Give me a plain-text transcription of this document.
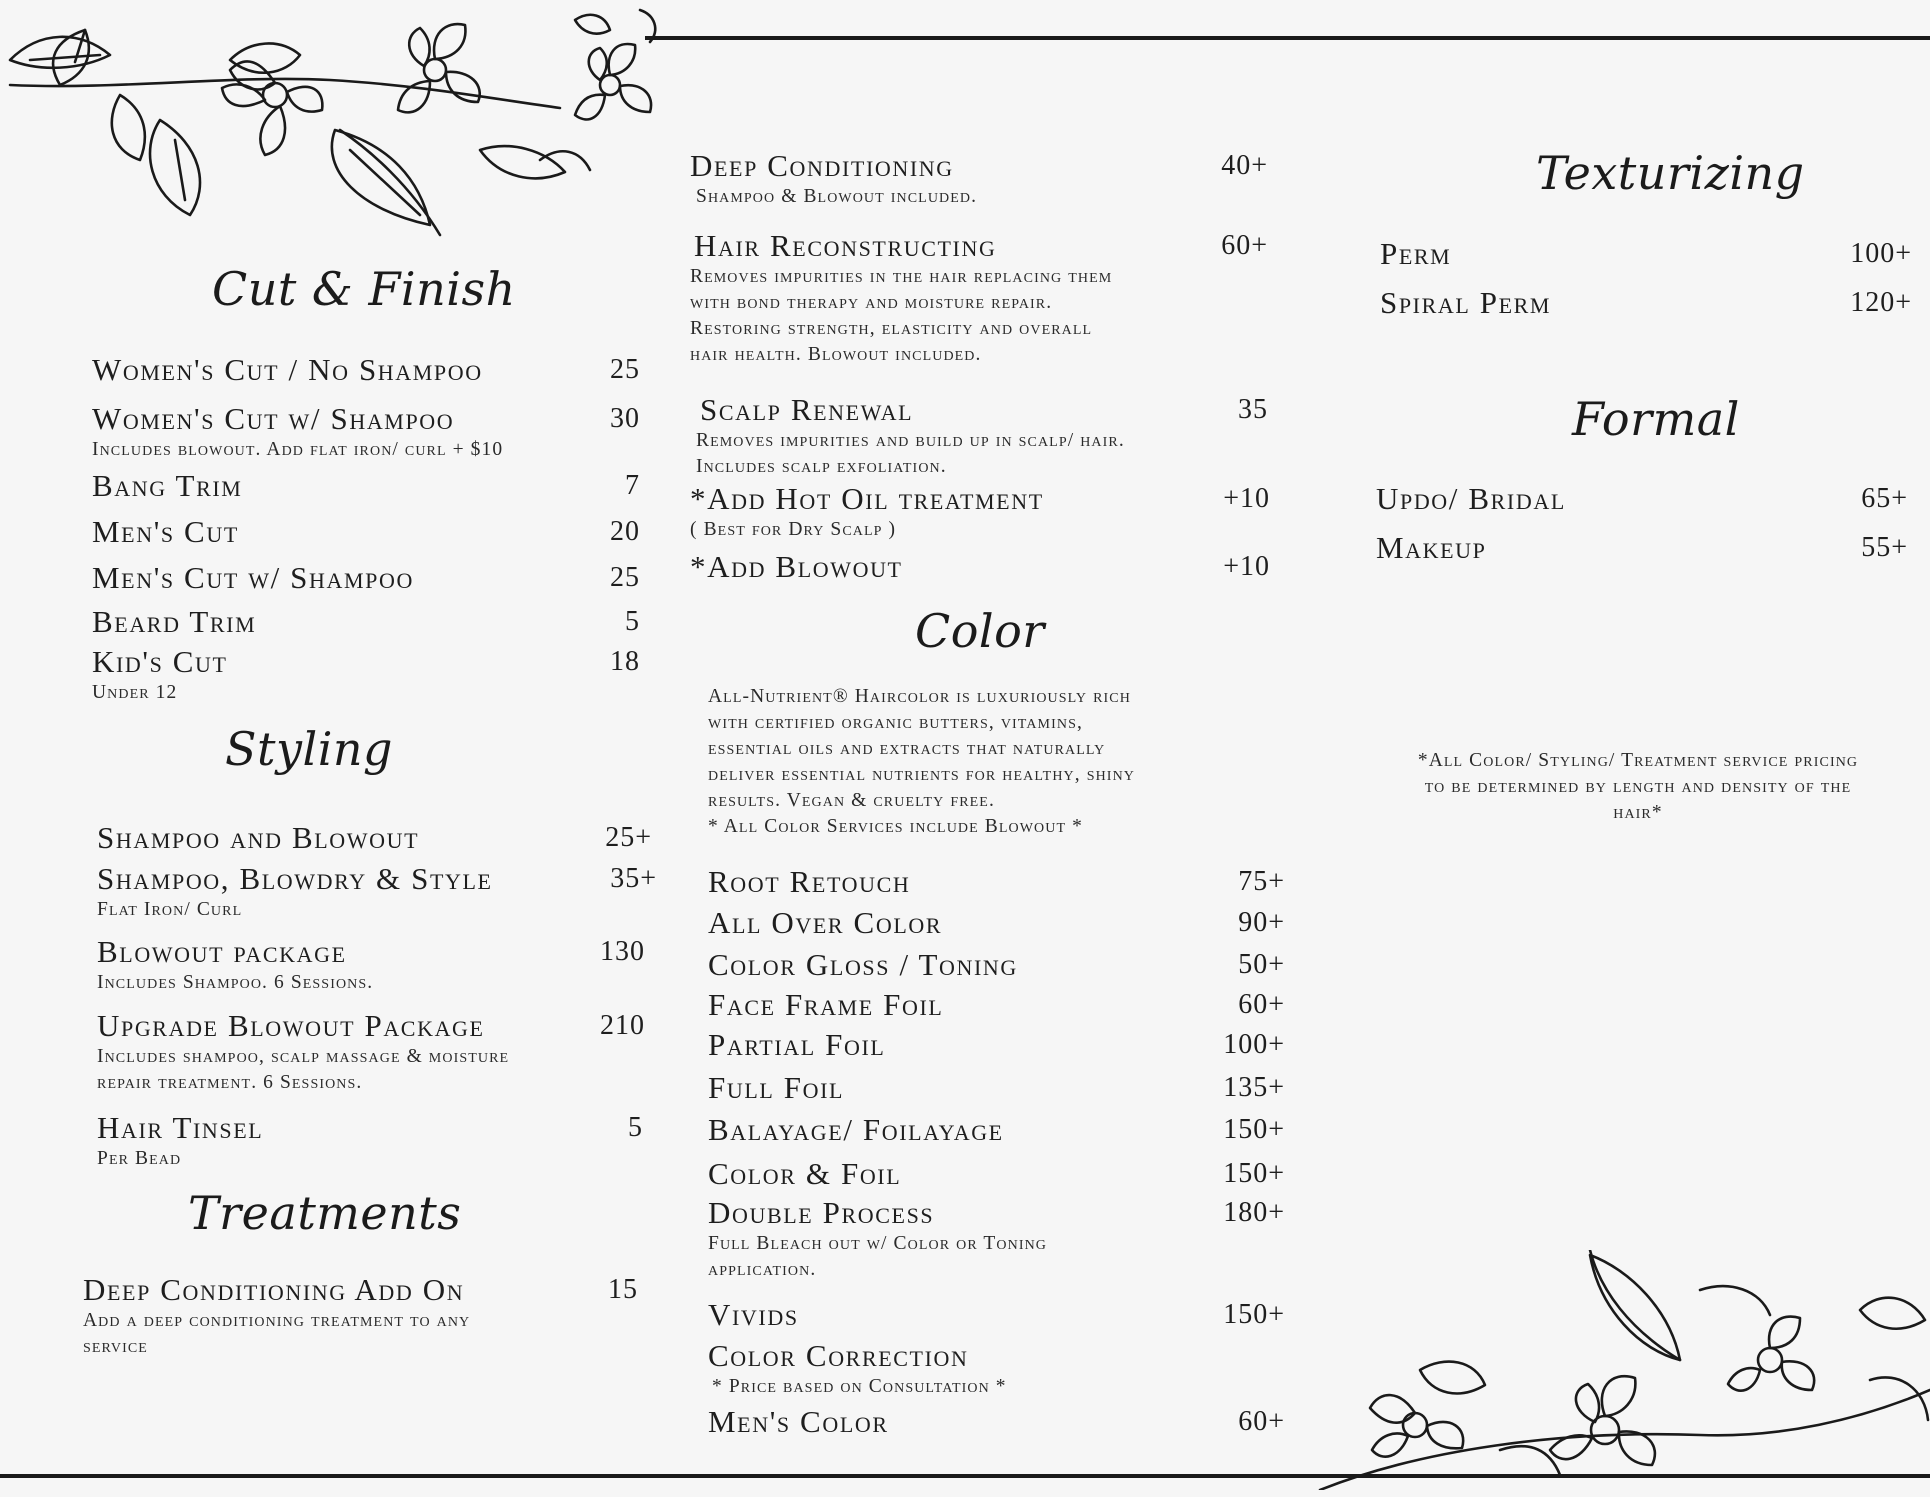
Cut & Finish
Women's Cut / No Shampoo	25
Women's Cut w/ Shampoo	30
Includes blowout. Add flat iron/ curl + $10
Bang Trim	7
Men's Cut	20
Men's Cut w/ Shampoo	25
Beard Trim	5
Kid's Cut	18
Under 12
Styling
Shampoo and Blowout	25+
Shampoo, Blowdry & Style	35+
Flat Iron/ Curl
Blowout package	130
Includes Shampoo. 6 Sessions.
Upgrade Blowout Package	210
Includes shampoo, scalp massage & moisture
repair treatment. 6 Sessions.
Hair Tinsel	5
Per Bead
Treatments
Deep Conditioning Add On	15
Add a deep conditioning treatment to any
service
Deep Conditioning	40+
Shampoo & Blowout included.
Hair Reconstructing	60+
Removes impurities in the hair replacing them
with bond therapy and moisture repair.
Restoring strength, elasticity and overall
hair health. Blowout included.
Scalp Renewal	35
Removes impurities and build up in scalp/ hair.
Includes scalp exfoliation.
*Add Hot Oil treatment	+10
( Best for Dry Scalp )
*Add Blowout	+10
Color
All-Nutrient® Haircolor is luxuriously rich
with certified organic butters, vitamins,
essential oils and extracts that naturally
deliver essential nutrients for healthy, shiny
results. Vegan & cruelty free.
* All Color Services include Blowout *
Root Retouch	75+
All Over Color	90+
Color Gloss / Toning	50+
Face Frame Foil	60+
Partial Foil	100+
Full Foil	135+
Balayage/ Foilayage	150+
Color & Foil	150+
Double Process	180+
Full Bleach out w/ Color or Toning
application.
Vivids	150+
Color Correction
* Price based on Consultation *
Men's Color	60+
Texturizing
Perm	100+
Spiral Perm	120+
Formal
Updo/ Bridal	65+
Makeup	55+
*All Color/ Styling/ Treatment service pricing
to be determined by length and density of the
hair*
